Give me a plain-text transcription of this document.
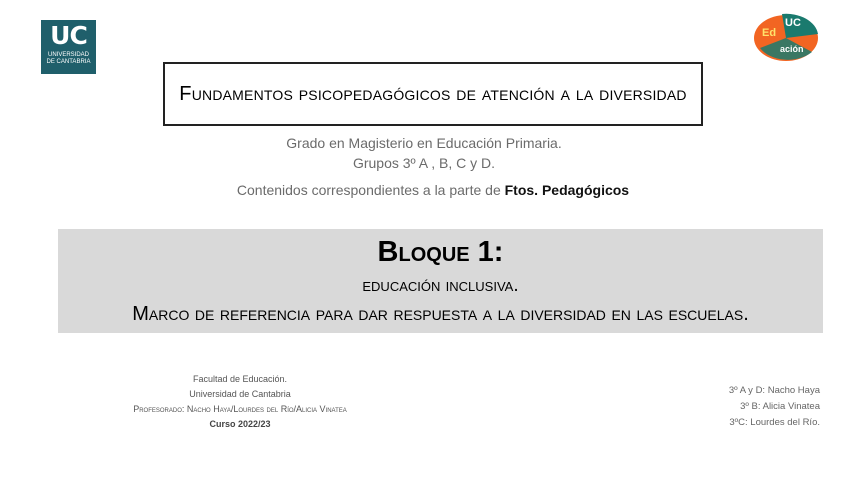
UC
UNIVERSIDAD
DE CANTABRIA
Ed
UC
ación
Fundamentos psicopedagógicos de atención a la diversidad
Grado en Magisterio en Educación Primaria.
Grupos 3º A , B, C y D.
Contenidos correspondientes a la parte de Ftos. Pedagógicos
Bloque 1:
educación inclusiva.
Marco de referencia para dar respuesta a la diversidad en las escuelas.
Facultad de Educación.
Universidad de Cantabria
Profesorado: Nacho Haya/Lourdes del Río/Alicia Vinatea
Curso 2022/23
3º A y D: Nacho Haya
3º B: Alicia Vinatea
3ºC: Lourdes del Río.
